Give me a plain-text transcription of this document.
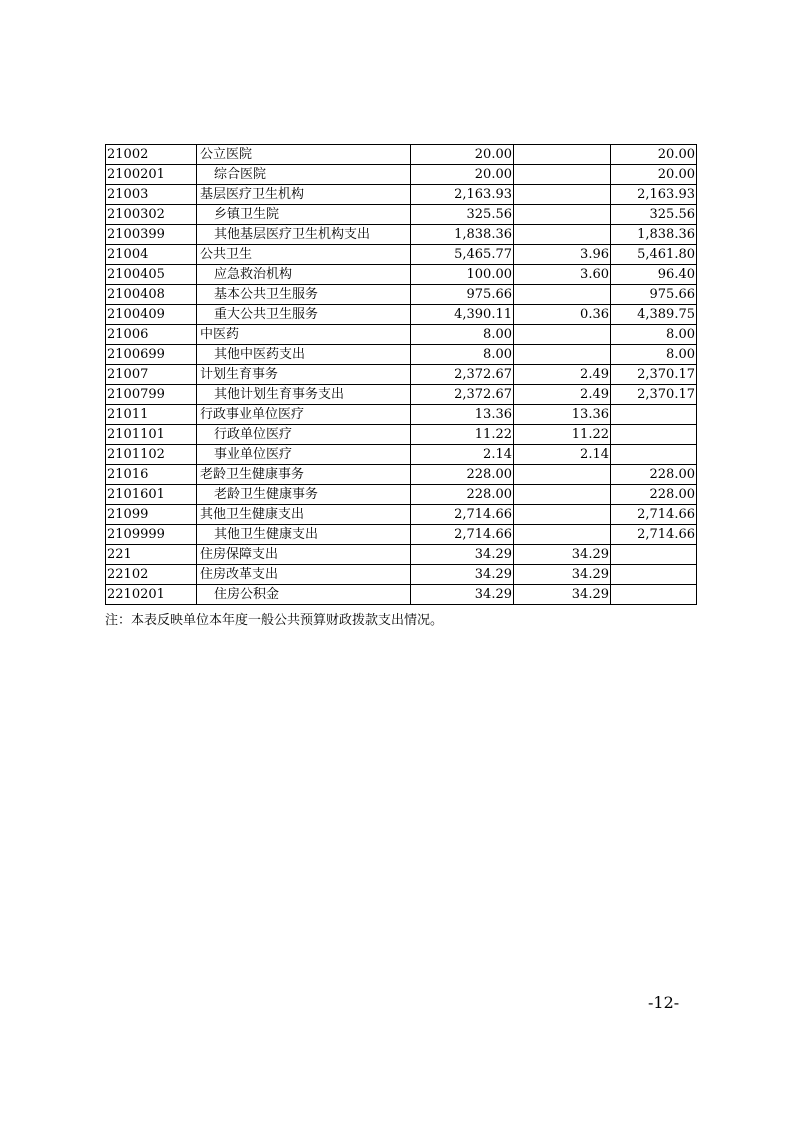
21002	公立医院	20.00		20.00
2100201	综合医院	20.00		20.00
21003	基层医疗卫生机构	2,163.93		2,163.93
2100302	乡镇卫生院	325.56		325.56
2100399	其他基层医疗卫生机构支出	1,838.36		1,838.36
21004	公共卫生	5,465.77	3.96	5,461.80
2100405	应急救治机构	100.00	3.60	96.40
2100408	基本公共卫生服务	975.66		975.66
2100409	重大公共卫生服务	4,390.11	0.36	4,389.75
21006	中医药	8.00		8.00
2100699	其他中医药支出	8.00		8.00
21007	计划生育事务	2,372.67	2.49	2,370.17
2100799	其他计划生育事务支出	2,372.67	2.49	2,370.17
21011	行政事业单位医疗	13.36	13.36	
2101101	行政单位医疗	11.22	11.22	
2101102	事业单位医疗	2.14	2.14	
21016	老龄卫生健康事务	228.00		228.00
2101601	老龄卫生健康事务	228.00		228.00
21099	其他卫生健康支出	2,714.66		2,714.66
2109999	其他卫生健康支出	2,714.66		2,714.66
221	住房保障支出	34.29	34.29	
22102	住房改革支出	34.29	34.29	
2210201	住房公积金	34.29	34.29	
注：本表反映单位本年度一般公共预算财政拨款支出情况。
-12-
